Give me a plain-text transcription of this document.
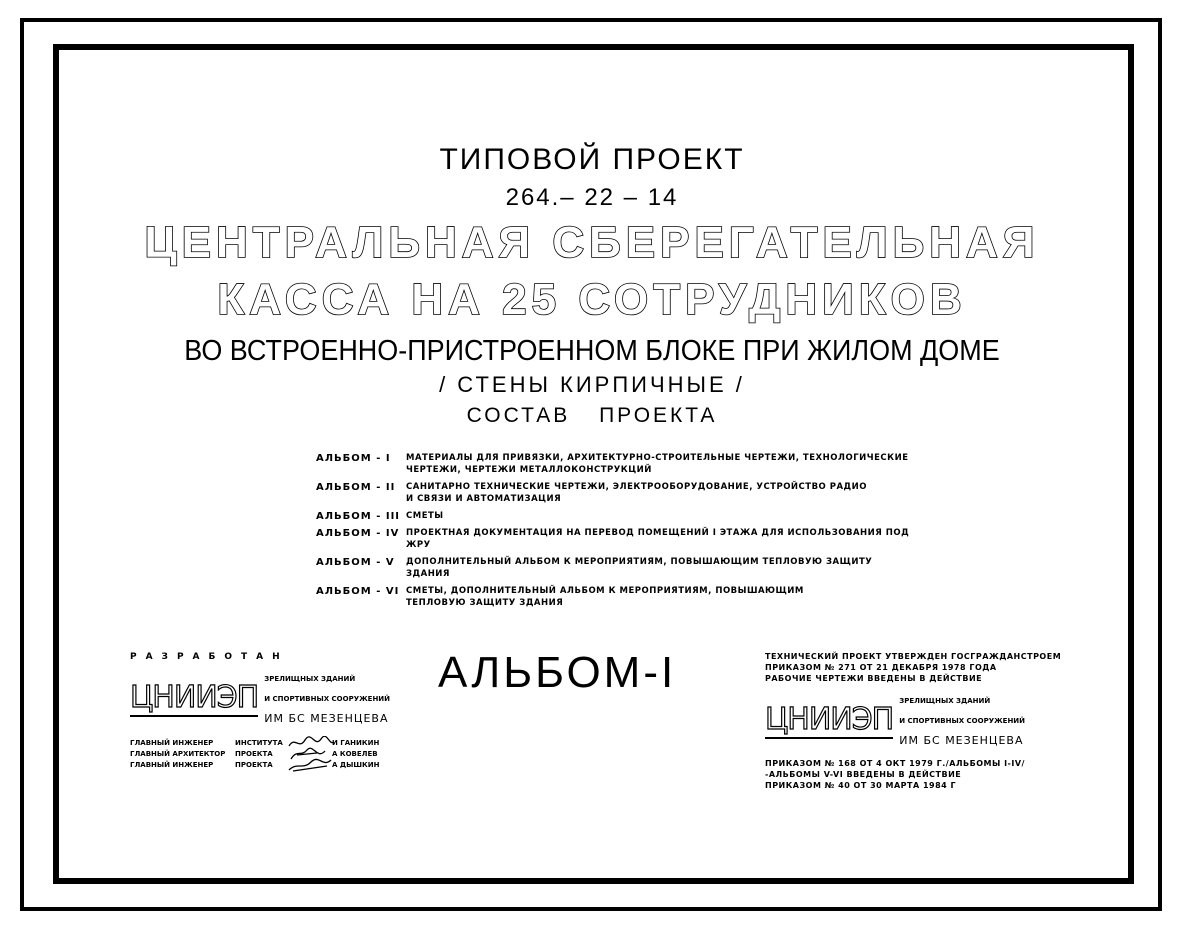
ТИПОВОЙ ПРОЕКТ
264.– 22 – 14
ЦЕНТРАЛЬНАЯ СБЕРЕГАТЕЛЬНАЯ
КАССА НА 25 СОТРУДНИКОВ
ВО ВСТРОЕННО-ПРИСТРОЕННОМ БЛОКЕ ПРИ ЖИЛОМ ДОМЕ
/ СТЕНЫ КИРПИЧНЫЕ /
СОСТАВ ПРОЕКТА
АЛЬБОМ - I	МАТЕРИАЛЫ ДЛЯ ПРИВЯЗКИ, АРХИТЕКТУРНО-СТРОИТЕЛЬНЫЕ ЧЕРТЕЖИ, ТЕХНОЛОГИЧЕСКИЕ
ЧЕРТЕЖИ, ЧЕРТЕЖИ МЕТАЛЛОКОНСТРУКЦИЙ
АЛЬБОМ - II	САНИТАРНО ТЕХНИЧЕСКИЕ ЧЕРТЕЖИ, ЭЛЕКТРООБОРУДОВАНИЕ, УСТРОЙСТВО РАДИО
И СВЯЗИ И АВТОМАТИЗАЦИЯ
АЛЬБОМ - III СМЕТЫ
АЛЬБОМ - IV ПРОЕКТНАЯ ДОКУМЕНТАЦИЯ НА ПЕРЕВОД ПОМЕЩЕНИЙ I ЭТАЖА ДЛЯ ИСПОЛЬЗОВАНИЯ ПОД ЖРУ
АЛЬБОМ - V	ДОПОЛНИТЕЛЬНЫЙ АЛЬБОМ К МЕРОПРИЯТИЯМ, ПОВЫШАЮЩИМ ТЕПЛОВУЮ ЗАЩИТУ
ЗДАНИЯ
АЛЬБОМ - VI СМЕТЫ, ДОПОЛНИТЕЛЬНЫЙ АЛЬБОМ К МЕРОПРИЯТИЯМ, ПОВЫШАЮЩИМ
ТЕПЛОВУЮ ЗАЩИТУ ЗДАНИЯ
РАЗРАБОТАН
ЦНИИЭП

ЗРЕЛИЩНЫХ ЗДАНИЙ

И СПОРТИВНЫХ СООРУЖЕНИЙ

ИМ БС МЕЗЕНЦЕВА

ГЛАВНЫЙ ИНЖЕНЕР	ИНСТИТУТА	И ГАНИКИН
ГЛАВНЫЙ АРХИТЕКТОР	ПРОЕКТА	А КОВЕЛЕВ
ГЛАВНЫЙ ИНЖЕНЕР	ПРОЕКТА	А ДЫШКИН
АЛЬБОМ-I	ТЕХНИЧЕСКИЙ ПРОЕКТ УТВЕРЖДЕН ГОСГРАЖДАНСТРОЕМ
ПРИКАЗОМ № 271 ОТ 21 ДЕКАБРЯ 1978 ГОДА
РАБОЧИЕ ЧЕРТЕЖИ ВВЕДЕНЫ В ДЕЙСТВИЕ
ЦНИИЭП

ЗРЕЛИЩНЫХ ЗДАНИЙ

И СПОРТИВНЫХ СООРУЖЕНИЙ

ИМ БС МЕЗЕНЦЕВА

ПРИКАЗОМ № 168 ОТ 4 ОКТ 1979 Г./АЛЬБОМЫ I-IV/
-АЛЬБОМЫ V-VI ВВЕДЕНЫ В ДЕЙСТВИЕ
ПРИКАЗОМ № 40 ОТ 30 МАРТА 1984 Г
